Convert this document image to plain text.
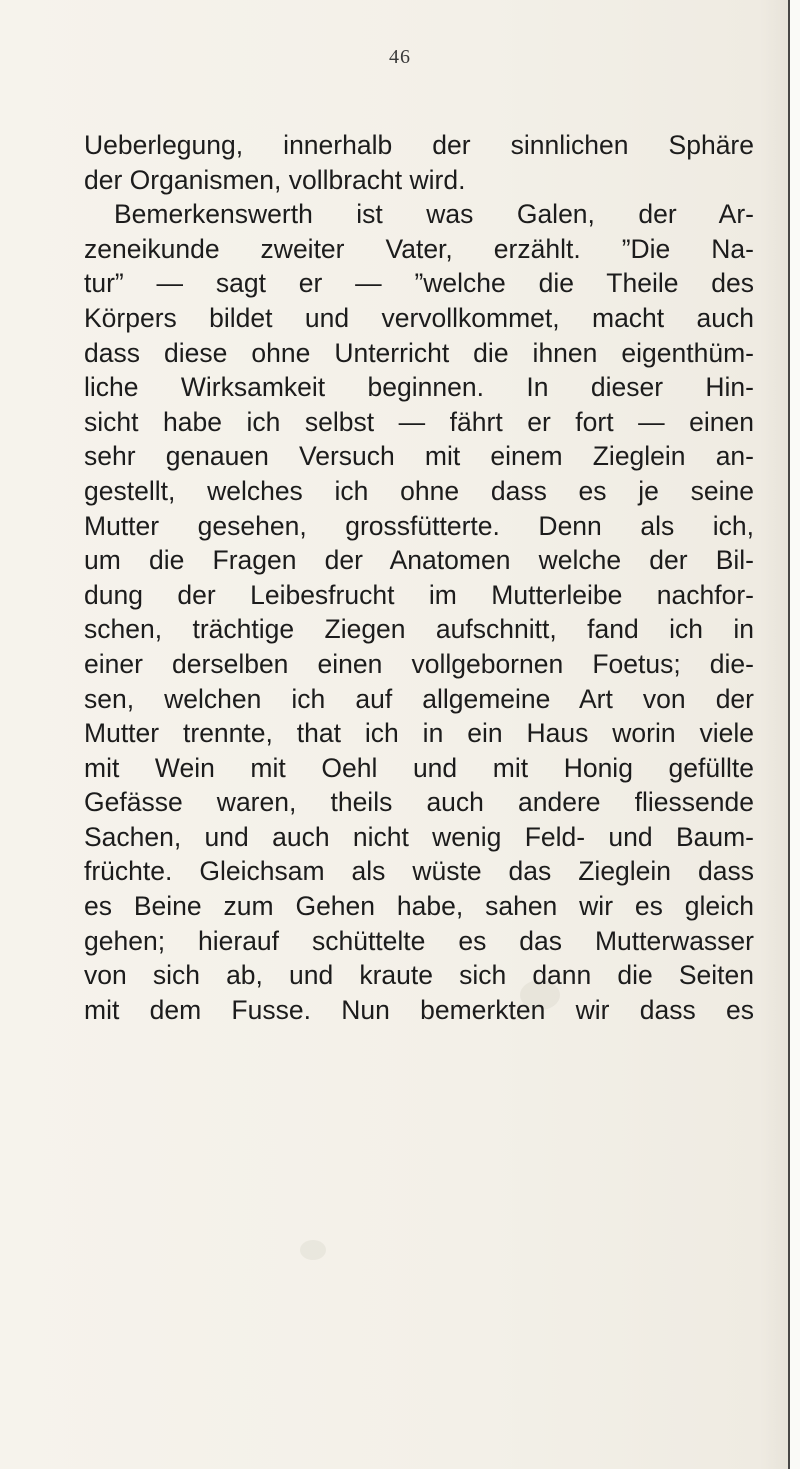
46
Ueberlegung, innerhalb der sinnlichen Sphäre
der Organismen, vollbracht wird.
Bemerkenswerth ist was Galen, der Ar-
zeneikunde zweiter Vater, erzählt. ”Die Na-
tur” — sagt er — ”welche die Theile des
Körpers bildet und vervollkommet, macht auch
dass diese ohne Unterricht die ihnen eigenthüm-
liche Wirksamkeit beginnen. In dieser Hin-
sicht habe ich selbst — fährt er fort — einen
sehr genauen Versuch mit einem Zieglein an-
gestellt, welches ich ohne dass es je seine
Mutter gesehen, grossfütterte. Denn als ich,
um die Fragen der Anatomen welche der Bil-
dung der Leibesfrucht im Mutterleibe nachfor-
schen, trächtige Ziegen aufschnitt, fand ich in
einer derselben einen vollgebornen Foetus; die-
sen, welchen ich auf allgemeine Art von der
Mutter trennte, that ich in ein Haus worin viele
mit Wein mit Oehl und mit Honig gefüllte
Gefässe waren, theils auch andere fliessende
Sachen, und auch nicht wenig Feld- und Baum-
früchte. Gleichsam als wüste das Zieglein dass
es Beine zum Gehen habe, sahen wir es gleich
gehen; hierauf schüttelte es das Mutterwasser
von sich ab, und kraute sich dann die Seiten
mit dem Fusse. Nun bemerkten wir dass es
